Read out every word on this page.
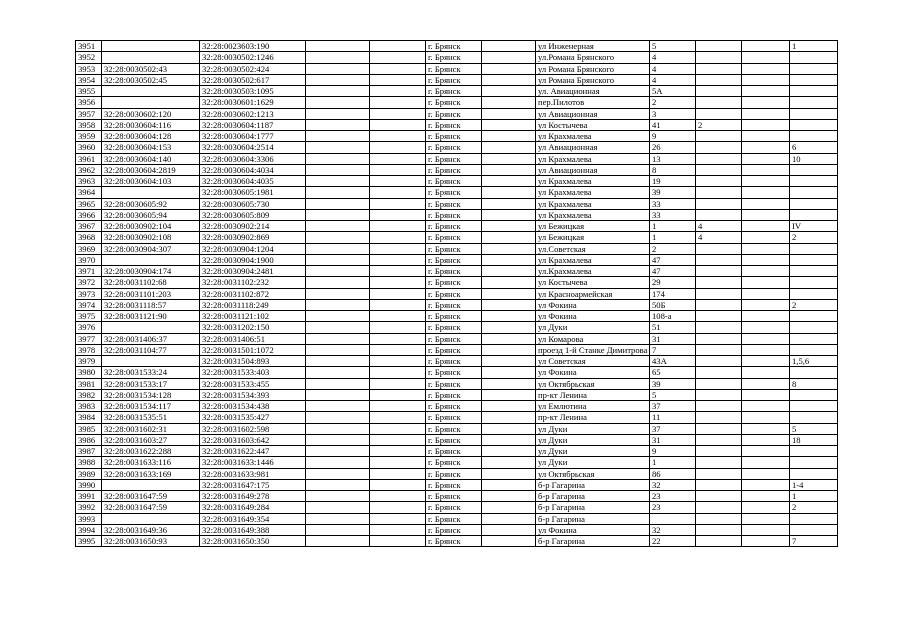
3951		32:28:0023603:190			г. Брянск		ул Инженерная	5			1
3952		32:28:0030502:1246			г. Брянск		ул.Романа Брянского	4			
3953	32:28:0030502:43	32:28:0030502:424			г. Брянск		ул Романа Брянского	4			
3954	32:28:0030502:45	32:28:0030502:617			г. Брянск		ул Романа Брянского	4			
3955		32:28:0030503:1095			г. Брянск		ул. Авиационная	5А			
3956		32:28:0030601:1629			г. Брянск		пер.Пилотов	2			
3957	32:28:0030602:120	32:28:0030602:1213			г. Брянск		ул Авиационная	3			
3958	32:28:0030604:116	32:28:0030604:1187			г. Брянск		ул Костычева	41	2		
3959	32:28:0030604:128	32:28:0030604:1777			г. Брянск		ул Крахмалева	9			
3960	32:28:0030604:153	32:28:0030604:2514			г. Брянск		ул Авиационная	26			6
3961	32:28:0030604:140	32:28:0030604:3306			г. Брянск		ул Крахмалева	13			10
3962	32:28:0030604:2819	32:28:0030604:4034			г. Брянск		ул Авиационная	8			
3963	32:28:0030604:103	32:28:0030604:4035			г. Брянск		ул Крахмалева	19			
3964		32:28:0030605:1981			г. Брянск		ул Крахмалева	39			
3965	32:28:0030605:92	32:28:0030605:730			г. Брянск		ул Крахмалева	33			
3966	32:28:0030605:94	32:28:0030605:809			г. Брянск		ул Крахмалева	33			
3967	32:28:0030902:104	32:28:0030902:214			г. Брянск		ул Бежицкая	1	4		IV
3968	32:28:0030902:108	32:28:0030902:869			г. Брянск		ул Бежицкая	1	4		2
3969	32:28:0030904:307	32:28:0030904:1204			г. Брянск		ул.Советская	2			
3970		32:28:0030904:1900			г. Брянск		ул Крахмалева	47			
3971	32:28:0030904:174	32:28:0030904:2481			г. Брянск		ул.Крахмалева	47			
3972	32:28:0031102:68	32:28:0031102:232			г. Брянск		ул Костычева	29			
3973	32:28:0031101:203	32:28:0031102:872			г. Брянск		ул Красноармейская	174			
3974	32:28:0031118:57	32:28:0031118:249			г. Брянск		ул Фокина	50Б			2
3975	32:28:0031121:90	32:28:0031121:102			г. Брянск		ул Фокина	108-а			
3976		32:28:0031202:150			г. Брянск		ул Дуки	51			
3977	32:28:0031406:37	32:28:0031406:51			г. Брянск		ул Комарова	31			
3978	32:28:0031104:77	32:28:0031501:1072			г. Брянск		проезд 1-й Станке Димитрова	7			
3979		32:28:0031504:893			г. Брянск		ул Советская	43А			1,5,6
3980	32:28:0031533:24	32:28:0031533:403			г. Брянск		ул Фокина	65			
3981	32:28:0031533:17	32:28:0031533:455			г. Брянск		ул Октябрьская	39			8
3982	32:28:0031534:128	32:28:0031534:393			г. Брянск		пр-кт Ленина	5			
3983	32:28:0031534:117	32:28:0031534:438			г. Брянск		ул Емлютина	37			
3984	32:28:0031535:51	32:28:0031535:427			г. Брянск		пр-кт Ленина	11			
3985	32:28:0031602:31	32:28:0031602:598			г. Брянск		ул Дуки	37			5
3986	32:28:0031603:27	32:28:0031603:642			г. Брянск		ул Дуки	31			18
3987	32:28:0031622:288	32:28:0031622:447			г. Брянск		ул Дуки	9			
3988	32:28:0031633:116	32:28:0031633:1446			г. Брянск		ул Дуки	1			
3989	32:28:0031633:169	32:28:0031633:981			г. Брянск		ул Октябрьская	86			
3990		32:28:0031647:175			г. Брянск		б-р Гагарина	32			1-4
3991	32:28:0031647:59	32:28:0031649:278			г. Брянск		б-р Гагарина	23			1
3992	32:28:0031647:59	32:28:0031649:284			г. Брянск		б-р Гагарина	23			2
3993		32:28:0031649:354			г. Брянск		б-р Гагарина				
3994	32:28:0031649:36	32:28:0031649:388			г. Брянск		ул Фокина	32			
3995	32:28:0031650:93	32:28:0031650:350			г. Брянск		б-р Гагарина	22			7
